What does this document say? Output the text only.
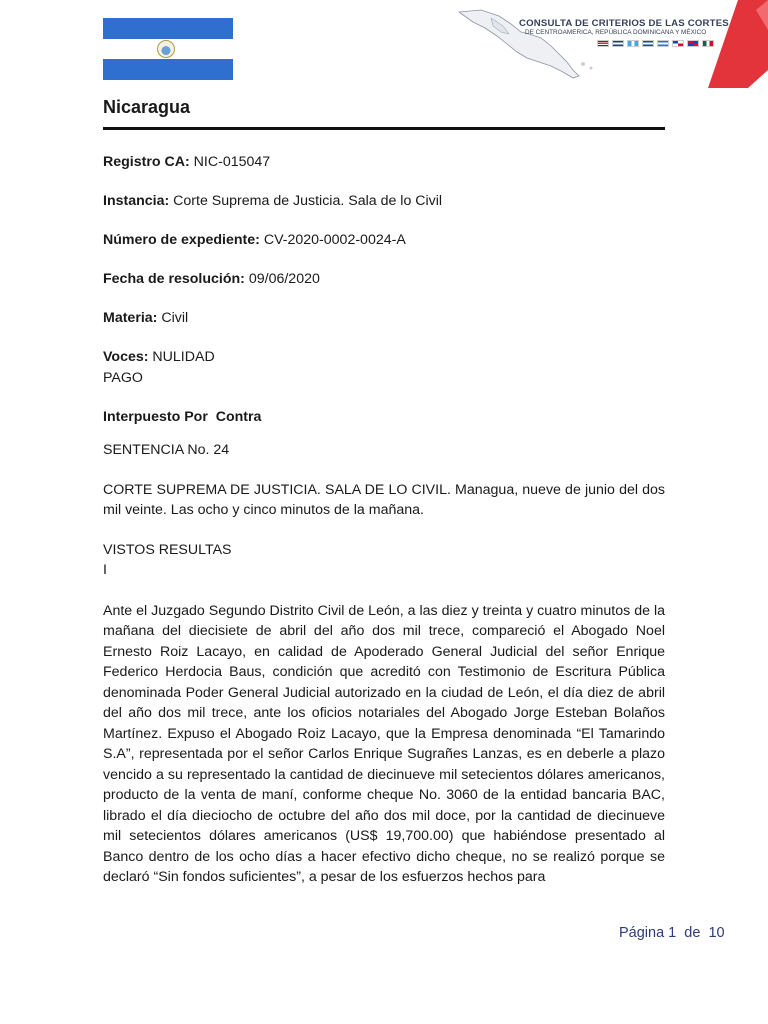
CONSULTA DE CRITERIOS DE LAS CORTES
DE CENTROAMERICA, REPÚBLICA DOMINICANA Y MÉXICO
Nicaragua

Registro CA: NIC-015047

Instancia: Corte Suprema de Justicia. Sala de lo Civil

Número de expediente: CV-2020-0002-0024-A

Fecha de resolución: 09/06/2020

Materia: Civil

Voces: NULIDAD
PAGO

Interpuesto Por  Contra

SENTENCIA No. 24

CORTE SUPREMA DE JUSTICIA. SALA DE LO CIVIL. Managua, nueve de junio del dos mil veinte. Las ocho y cinco minutos de la mañana.

VISTOS RESULTAS
I

Ante el Juzgado Segundo Distrito Civil de León, a las diez y treinta y cuatro minutos de la mañana del diecisiete de abril del año dos mil trece, compareció el Abogado Noel Ernesto Roiz Lacayo, en calidad de Apoderado General Judicial del señor Enrique Federico Herdocia Baus, condición que acreditó con Testimonio de Escritura Pública denominada Poder General Judicial autorizado en la ciudad de León, el día diez de abril del año dos mil trece, ante los oficios notariales del Abogado Jorge Esteban Bolaños Martínez. Expuso el Abogado Roiz Lacayo, que la Empresa denominada “El Tamarindo S.A”, representada por el señor Carlos Enrique Sugrañes Lanzas, es en deberle a plazo vencido a su representado la cantidad de diecinueve mil setecientos dólares americanos, producto de la venta de maní, conforme cheque No. 3060 de la entidad bancaria BAC, librado el día dieciocho de octubre del año dos mil doce, por la cantidad de diecinueve mil setecientos dólares americanos (US$ 19,700.00) que habiéndose presentado al Banco dentro de los ocho días a hacer efectivo dicho cheque, no se realizó porque se declaró “Sin fondos suficientes”, a pesar de los esfuerzos hechos para

Página 1  de  10
